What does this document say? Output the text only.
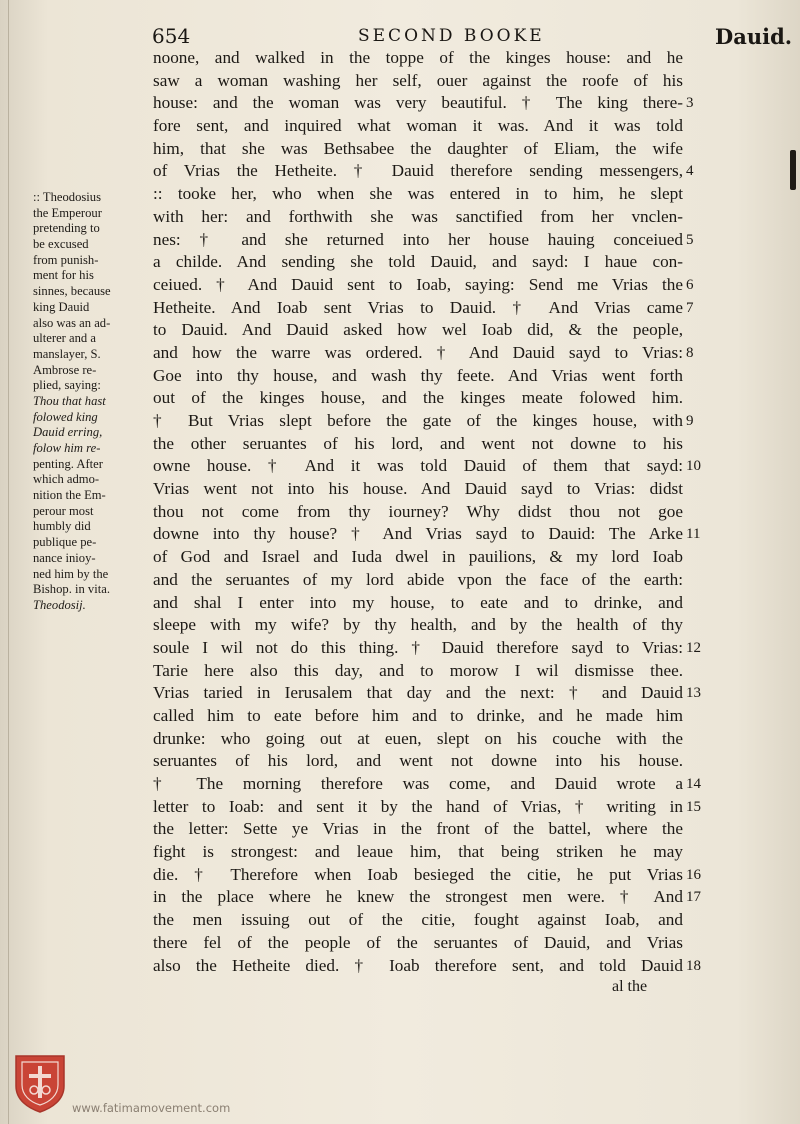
654	SECOND BOOKE	Dauid.
:: Theodosius
the Emperour
pretending to
be excused
from punish-
ment for his
sinnes, because
king Dauid
also was an ad-
ulterer and a
manslayer, S.
Ambrose re-
plied, saying:
Thou that hast
folowed king
Dauid erring,
folow him re-
penting. After
which admo-
nition the Em-
perour most
humbly did
publique pe-
nance inioy-
ned him by the
Bishop. in vita.
Theodosij.
noone, and walked in the toppe of the kinges house: and he
saw a woman washing her self, ouer against the roofe of his
house: and the woman was very beautiful. † The king there-
fore sent, and inquired what woman it was. And it was told
him, that she was Bethsabee the daughter of Eliam, the wife
of Vrias the Hetheite. † Dauid therefore sending messengers,
:: tooke her, who when she was entered in to him, he slept
with her: and forthwith she was sanctified from her vnclen-
nes: † and she returned into her house hauing conceiued
a childe. And sending she told Dauid, and sayd: I haue con-
ceiued. † And Dauid sent to Ioab, saying: Send me Vrias the
Hetheite. And Ioab sent Vrias to Dauid. † And Vrias came
to Dauid. And Dauid asked how wel Ioab did, & the people,
and how the warre was ordered. † And Dauid sayd to Vrias:
Goe into thy house, and wash thy feete. And Vrias went forth
out of the kinges house, and the kinges meate folowed him.
† But Vrias slept before the gate of the kinges house, with
the other seruantes of his lord, and went not downe to his
owne house. † And it was told Dauid of them that sayd:
Vrias went not into his house. And Dauid sayd to Vrias: didst
thou not come from thy iourney? Why didst thou not goe
downe into thy house? † And Vrias sayd to Dauid: The Arke
of God and Israel and Iuda dwel in pauilions, & my lord Ioab
and the seruantes of my lord abide vpon the face of the earth:
and shal I enter into my house, to eate and to drinke, and
sleepe with my wife? by thy health, and by the health of thy
soule I wil not do this thing. † Dauid therefore sayd to Vrias:
Tarie here also this day, and to morow I wil dismisse thee.
Vrias taried in Ierusalem that day and the next: † and Dauid
called him to eate before him and to drinke, and he made him
drunke: who going out at euen, slept on his couche with the
seruantes of his lord, and went not downe into his house.
† The morning therefore was come, and Dauid wrote a
letter to Ioab: and sent it by the hand of Vrias, † writing in
the letter: Sette ye Vrias in the front of the battel, where the
fight is strongest: and leaue him, that being striken he may
die. † Therefore when Ioab besieged the citie, he put Vrias
in the place where he knew the strongest men were. † And
the men issuing out of the citie, fought against Ioab, and
there fel of the people of the seruantes of Dauid, and Vrias
also the Hetheite died. † Ioab therefore sent, and told Dauid
3
4
5
6
7
8
9
10
11
12
13
14
15
16
17
18
al the
www.fatimamovement.com
